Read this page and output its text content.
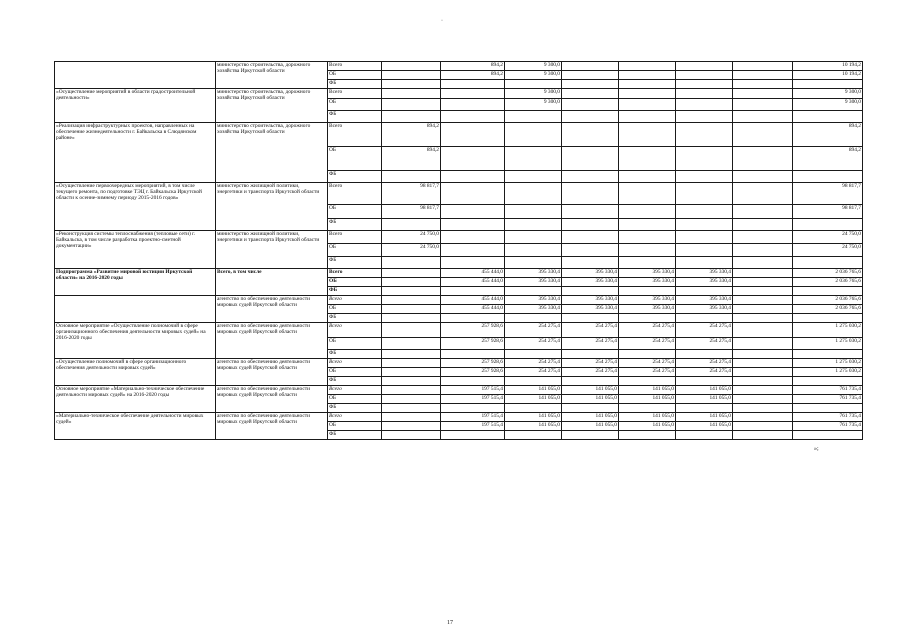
·
	министерство строительства, дорожного хозяйства Иркутской области	Всего		894,2	9 300,0					10 194,2
		ОБ		894,2	9 300,0					10 194,2
		ФБ								
«Осуществление мероприятий в области градостроительной деятельности»	министерство строительства, дорожного хозяйства Иркутской области	Всего			9 300,0					9 300,0
		ОБ			9 300,0					9 300,0
		ФБ								
«Реализация инфраструктурных проектов, направленных на обеспечение жизнедеятельности г. Байкальска в Слюдянском районе»	министерство строительства, дорожного хозяйства Иркутской области	Всего	894,2							894,2
		ОБ	894,2							894,2
		ФБ								
«Осуществление первоочередных мероприятий, в том числе текущего ремонта, по подготовке ТЭЦ г. Байкальска Иркутской области к осенне-зимнему периоду 2015-2016 годов»	министерство жилищной политики, энергетики и транспорта Иркутской области	Всего	98 817,7							98 817,7
		ОБ	98 817,7							98 817,7
		ФБ								
«Реконструкция системы теплоснабжения (тепловые сети) г. Байкальска, в том числе разработка проектно-сметной документации»	министерство жилищной политики, энергетики и транспорта Иркутской области	Всего	24 750,0							24 750,0
		ОБ	24 750,0							24 750,0
		ФБ								
Подпрограмма «Развитие мировой юстиции Иркутской области» на 2016-2020 годы	Всего, в том числе	Всего		455 444,0	395 330,4	395 330,4	395 330,4	395 330,4		2 036 765,6
		ОБ		455 444,0	395 330,4	395 330,4	395 330,4	395 330,4		2 036 765,6
		ФБ								
	агентство по обеспечению деятельности мировых судей Иркутской области	Всего		455 444,0	395 330,4	395 330,4	395 330,4	395 330,4		2 036 765,6
		ОБ		455 444,0	395 330,4	395 330,4	395 330,4	395 330,4		2 036 765,6
		ФБ								
Основное мероприятие «Осуществление полномочий в сфере организационного обеспечения деятельности мировых судей» на 2016-2020 годы	агентство по обеспечению деятельности мировых судей Иркутской области	Всего		257 928,6	254 275,4	254 275,4	254 275,4	254 275,4		1 275 030,2
		ОБ		257 928,6	254 275,4	254 275,4	254 275,4	254 275,4		1 275 030,2
		ФБ								
«Осуществление полномочий в сфере организационного обеспечения деятельности мировых судей»	агентство по обеспечению деятельности мировых судей Иркутской области	Всего		257 928,6	254 275,4	254 275,4	254 275,4	254 275,4		1 275 030,2
		ОБ		257 928,6	254 275,4	254 275,4	254 275,4	254 275,4		1 275 030,2
		ФБ								
Основное мероприятие «Материально-техническое обеспечение деятельности мировых судей» на 2016-2020 годы	агентство по обеспечению деятельности мировых судей Иркутской области	Всего		197 515,4	141 055,0	141 055,0	141 055,0	141 055,0		761 735,4
		ОБ		197 515,4	141 055,0	141 055,0	141 055,0	141 055,0		761 735,4
		ФБ								
«Материально-техническое обеспечение деятельности мировых судей»	агентство по обеспечению деятельности мировых судей Иркутской области	Всего		197 515,4	141 055,0	141 055,0	141 055,0	141 055,0		761 735,4
		ОБ		197 515,4	141 055,0	141 055,0	141 055,0	141 055,0		761 735,4
		ФБ								
»;
17
